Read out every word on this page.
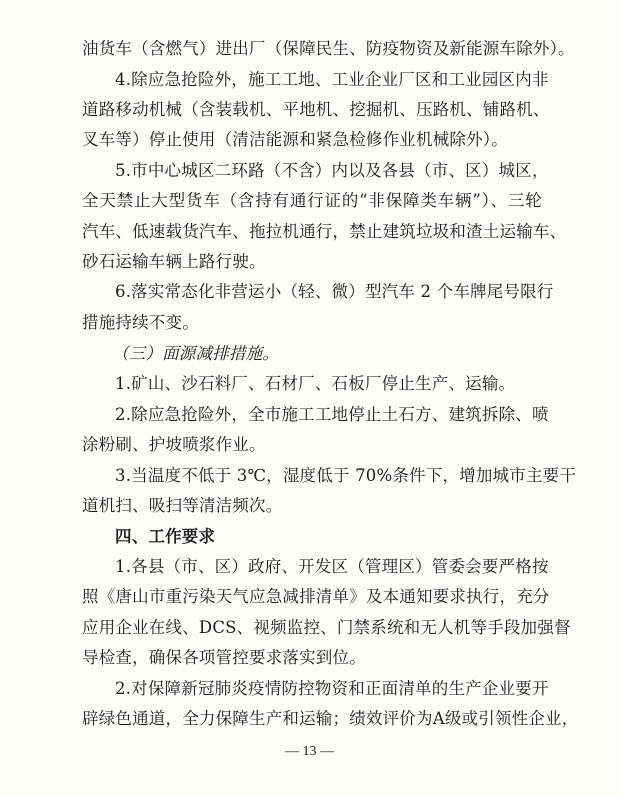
油货车（含燃气）进出厂（保障民生、防疫物资及新能源车除外）。
4.除应急抢险外，施工工地、工业企业厂区和工业园区内非
道路移动机械（含装载机、平地机、挖掘机、压路机、铺路机、
叉车等）停止使用（清洁能源和紧急检修作业机械除外）。
5.市中心城区二环路（不含）内以及各县（市、区）城区，
全天禁止大型货车（含持有通行证的“非保障类车辆”）、三轮
汽车、低速载货汽车、拖拉机通行，禁止建筑垃圾和渣土运输车、
砂石运输车辆上路行驶。
6.落实常态化非营运小（轻、微）型汽车 2 个车牌尾号限行
措施持续不变。
（三）面源减排措施。
1.矿山、沙石料厂、石材厂、石板厂停止生产、运输。
2.除应急抢险外，全市施工工地停止土石方、建筑拆除、喷
涂粉刷、护坡喷浆作业。
3.当温度不低于 3℃，湿度低于 70%条件下，增加城市主要干
道机扫、吸扫等清洁频次。
四、工作要求
1.各县（市、区）政府、开发区（管理区）管委会要严格按
照《唐山市重污染天气应急减排清单》及本通知要求执行，充分
应用企业在线、DCS、视频监控、门禁系统和无人机等手段加强督
导检查，确保各项管控要求落实到位。
2.对保障新冠肺炎疫情防控物资和正面清单的生产企业要开
辟绿色通道，全力保障生产和运输；绩效评价为A级或引领性企业，
— 13 —
